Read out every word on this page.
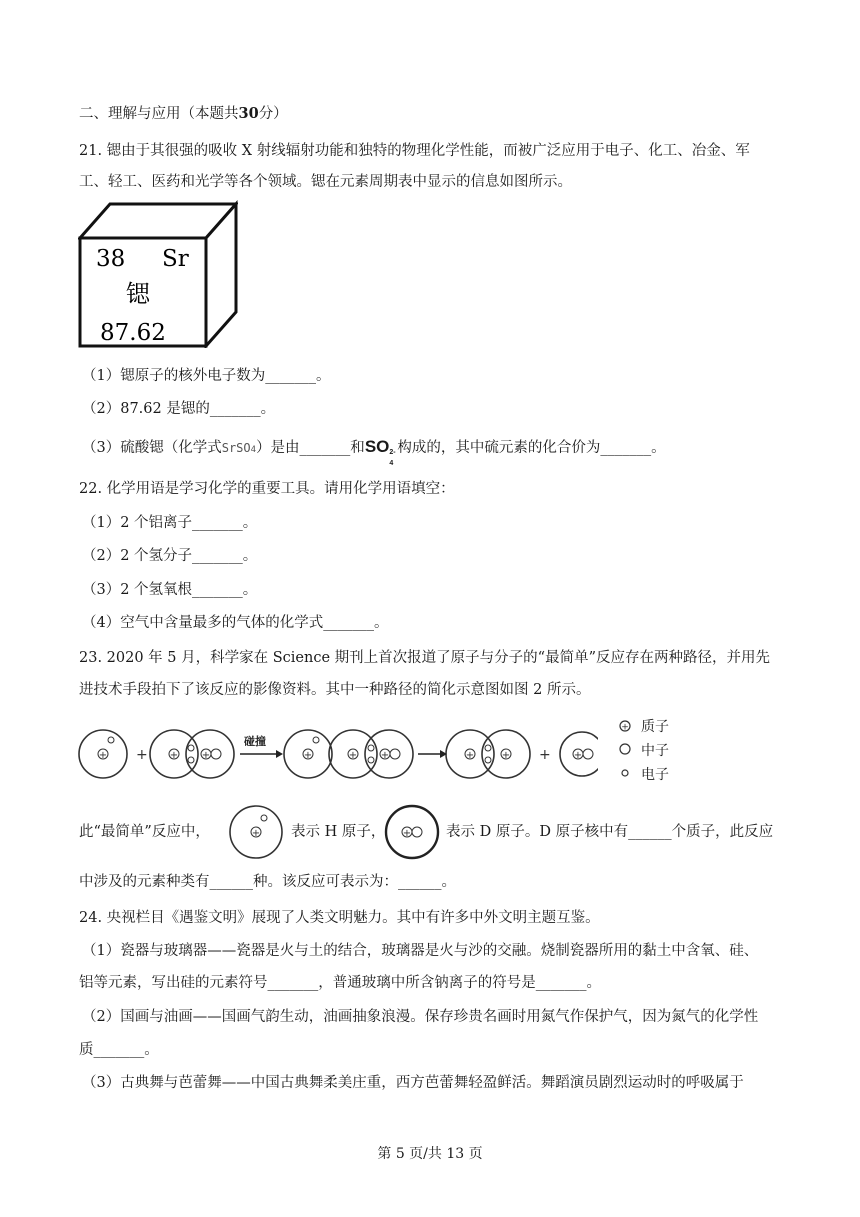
二、理解与应用（本题共30分）
21. 锶由于其很强的吸收 X 射线辐射功能和独特的物理化学性能，而被广泛应用于电子、化工、冶金、军
工、轻工、医药和光学等各个领域。锶在元素周期表中显示的信息如图所示。
38 Sr
锶
87.62
（1）锶原子的核外电子数为_______。
（2）87.62 是锶的_______。
（3）硫酸锶（化学式SrSO4）是由_______和SO 2-
4
构成的，其中硫元素的化合价为_______。
22. 化学用语是学习化学的重要工具。请用化学用语填空：
（1）2 个铝离子_______。
（2）2 个氢分子_______。
（3）2 个氢氧根_______。
（4）空气中含量最多的气体的化学式_______。
23. 2020 年 5 月，科学家在 Science 期刊上首次报道了原子与分子的“最简单”反应存在两种路径，并用先
进技术手段拍下了该反应的影像资料。其中一种路径的简化示意图如图 2 所示。
+	+ +	+	+ +	+	+	+
+	+
碰撞
+ 质子
中子
电子
此“最简单”反应中，	+ 表示 H 原子， + 表示 D 原子。D 原子核中有______个质子，此反应
中涉及的元素种类有______种。该反应可表示为：______。
24. 央视栏目《遇鉴文明》展现了人类文明魅力。其中有许多中外文明主题互鉴。
（1）瓷器与玻璃器——瓷器是火与土的结合，玻璃器是火与沙的交融。烧制瓷器所用的黏土中含氧、硅、
铝等元素，写出硅的元素符号_______，普通玻璃中所含钠离子的符号是_______。
（2）国画与油画——国画气韵生动，油画抽象浪漫。保存珍贵名画时用氮气作保护气，因为氮气的化学性
质_______。
（3）古典舞与芭蕾舞——中国古典舞柔美庄重，西方芭蕾舞轻盈鲜活。舞蹈演员剧烈运动时的呼吸属于
第 5 页/共 13 页
